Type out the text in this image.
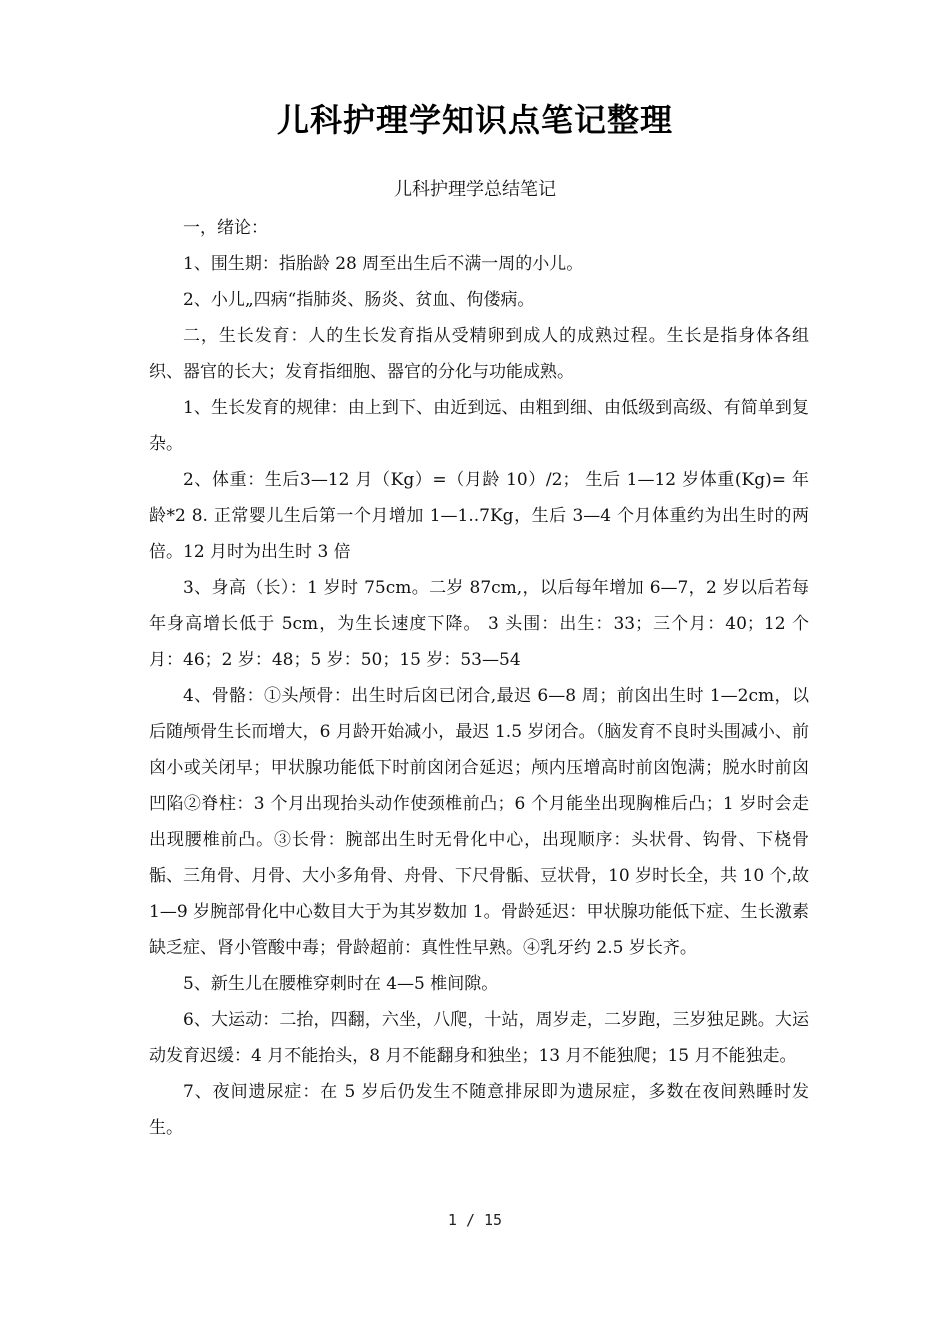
儿科护理学知识点笔记整理
儿科护理学总结笔记

一，绪论：

1、围生期：指胎龄 28 周至出生后不满一周的小儿。

2、小儿„四病“指肺炎、肠炎、贫血、佝偻病。

二，生长发育：人的生长发育指从受精卵到成人的成熟过程。生长是指身体各组织、器官的长大；发育指细胞、器官的分化与功能成熟。

1、生长发育的规律：由上到下、由近到远、由粗到细、由低级到高级、有简单到复杂。

2、体重：生后3—12 月（Kg）=（月龄 10）/2； 生后 1—12 岁体重(Kg)= 年龄*2 8. 正常婴儿生后第一个月增加 1—1..7Kg，生后 3—4 个月体重约为出生时的两倍。12 月时为出生时 3 倍

3、身高（长）：1 岁时 75cm。二岁 87cm,，以后每年增加 6—7，2 岁以后若每年身高增长低于 5cm，为生长速度下降。 3 头围：出生：33；三个月：40；12 个月：46；2 岁：48；5 岁：50；15 岁：53—54

4、骨骼：①头颅骨：出生时后囟已闭合,最迟 6—8 周；前囟出生时 1—2cm，以后随颅骨生长而增大，6 月龄开始减小，最迟 1.5 岁闭合。（脑发育不良时头围减小、前囟小或关闭早；甲状腺功能低下时前囟闭合延迟；颅内压增高时前囟饱满；脱水时前囟凹陷②脊柱：3 个月出现抬头动作使颈椎前凸；6 个月能坐出现胸椎后凸；1 岁时会走出现腰椎前凸。③长骨：腕部出生时无骨化中心，出现顺序：头状骨、钩骨、下桡骨骺、三角骨、月骨、大小多角骨、舟骨、下尺骨骺、豆状骨，10 岁时长全，共 10 个,故 1—9 岁腕部骨化中心数目大于为其岁数加 1。骨龄延迟：甲状腺功能低下症、生长激素缺乏症、肾小管酸中毒；骨龄超前：真性性早熟。④乳牙约 2.5 岁长齐。

5、新生儿在腰椎穿刺时在 4—5 椎间隙。

6、大运动：二抬，四翻，六坐，八爬，十站，周岁走，二岁跑，三岁独足跳。大运动发育迟缓：4 月不能抬头，8 月不能翻身和独坐；13 月不能独爬；15 月不能独走。

7、夜间遗尿症：在 5 岁后仍发生不随意排尿即为遗尿症，多数在夜间熟睡时发生。

1 / 15
